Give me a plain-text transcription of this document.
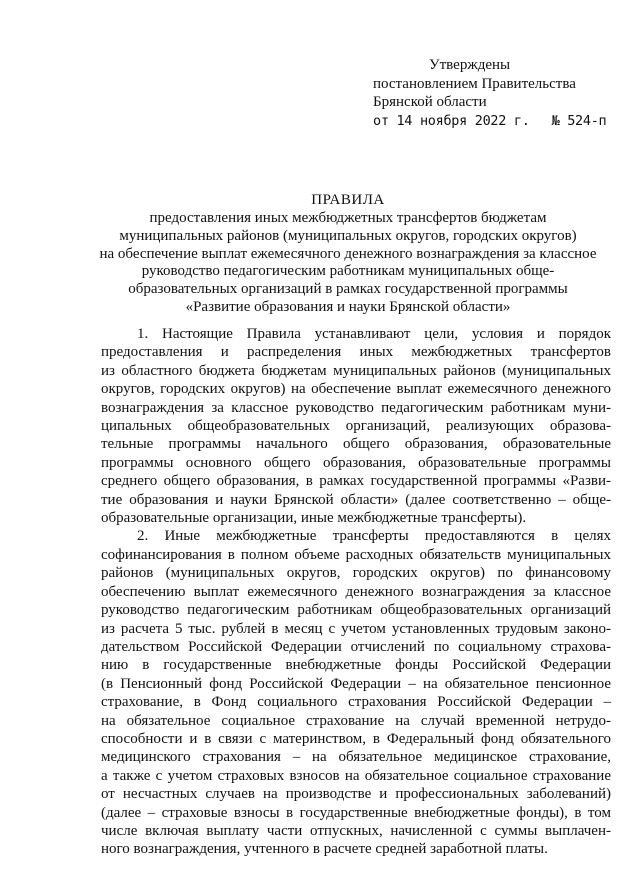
Утверждены
постановлением Правительства
Брянской области
от 14 ноября 2022 г. № 524-п
ПРАВИЛА
предоставления иных межбюджетных трансфертов бюджетам
муниципальных районов (муниципальных округов, городских округов)
на обеспечение выплат ежемесячного денежного вознаграждения за классное
руководство педагогическим работникам муниципальных обще-
образовательных организаций в рамках государственной программы
«Развитие образования и науки Брянской области»
1. Настоящие Правила устанавливают цели, условия и порядок
предоставления и распределения иных межбюджетных трансфертов
из областного бюджета бюджетам муниципальных районов (муниципальных
округов, городских округов) на обеспечение выплат ежемесячного денежного
вознаграждения за классное руководство педагогическим работникам муни-
ципальных общеобразовательных организаций, реализующих образова-
тельные программы начального общего образования, образовательные
программы основного общего образования, образовательные программы
среднего общего образования, в рамках государственной программы «Разви-
тие образования и науки Брянской области» (далее соответственно – обще-
образовательные организации, иные межбюджетные трансферты).
2. Иные межбюджетные трансферты предоставляются в целях
софинансирования в полном объеме расходных обязательств муниципальных
районов (муниципальных округов, городских округов) по финансовому
обеспечению выплат ежемесячного денежного вознаграждения за классное
руководство педагогическим работникам общеобразовательных организаций
из расчета 5 тыс. рублей в месяц с учетом установленных трудовым законо-
дательством Российской Федерации отчислений по социальному страхова-
нию в государственные внебюджетные фонды Российской Федерации
(в Пенсионный фонд Российской Федерации – на обязательное пенсионное
страхование, в Фонд социального страхования Российской Федерации –
на обязательное социальное страхование на случай временной нетрудо-
способности и в связи с материнством, в Федеральный фонд обязательного
медицинского страхования – на обязательное медицинское страхование,
а также с учетом страховых взносов на обязательное социальное страхование
от несчастных случаев на производстве и профессиональных заболеваний)
(далее – страховые взносы в государственные внебюджетные фонды), в том
числе включая выплату части отпускных, начисленной с суммы выплачен-
ного вознаграждения, учтенного в расчете средней заработной платы.
